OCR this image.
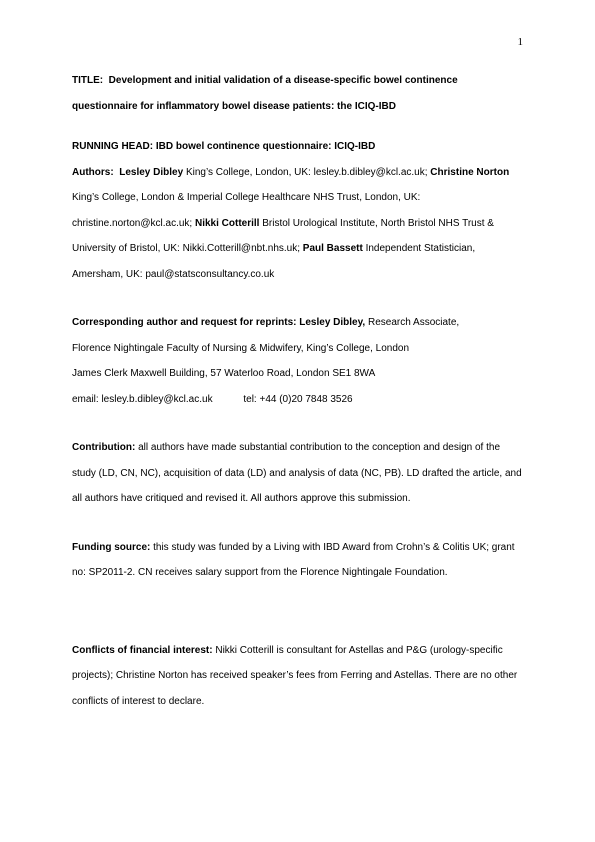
1

TITLE: Development and initial validation of a disease-specific bowel continence questionnaire for inflammatory bowel disease patients: the ICIQ-IBD

RUNNING HEAD: IBD bowel continence questionnaire: ICIQ-IBD

Authors: Lesley Dibley King’s College, London, UK: lesley.b.dibley@kcl.ac.uk; Christine Norton King’s College, London & Imperial College Healthcare NHS Trust, London, UK: christine.norton@kcl.ac.uk; Nikki Cotterill Bristol Urological Institute, North Bristol NHS Trust & University of Bristol, UK: Nikki.Cotterill@nbt.nhs.uk; Paul Bassett Independent Statistician, Amersham, UK: paul@statsconsultancy.co.uk

Corresponding author and request for reprints: Lesley Dibley, Research Associate,

Florence Nightingale Faculty of Nursing & Midwifery, King’s College, London

James Clerk Maxwell Building, 57 Waterloo Road, London SE1 8WA

email: lesley.b.dibley@kcl.ac.uk	tel: +44 (0)20 7848 3526

Contribution: all authors have made substantial contribution to the conception and design of the study (LD, CN, NC), acquisition of data (LD) and analysis of data (NC, PB). LD drafted the article, and all authors have critiqued and revised it. All authors approve this submission.

Funding source: this study was funded by a Living with IBD Award from Crohn’s & Colitis UK; grant no: SP2011-2. CN receives salary support from the Florence Nightingale Foundation.

Conflicts of financial interest: Nikki Cotterill is consultant for Astellas and P&G (urology-specific projects); Christine Norton has received speaker’s fees from Ferring and Astellas. There are no other conflicts of interest to declare.
